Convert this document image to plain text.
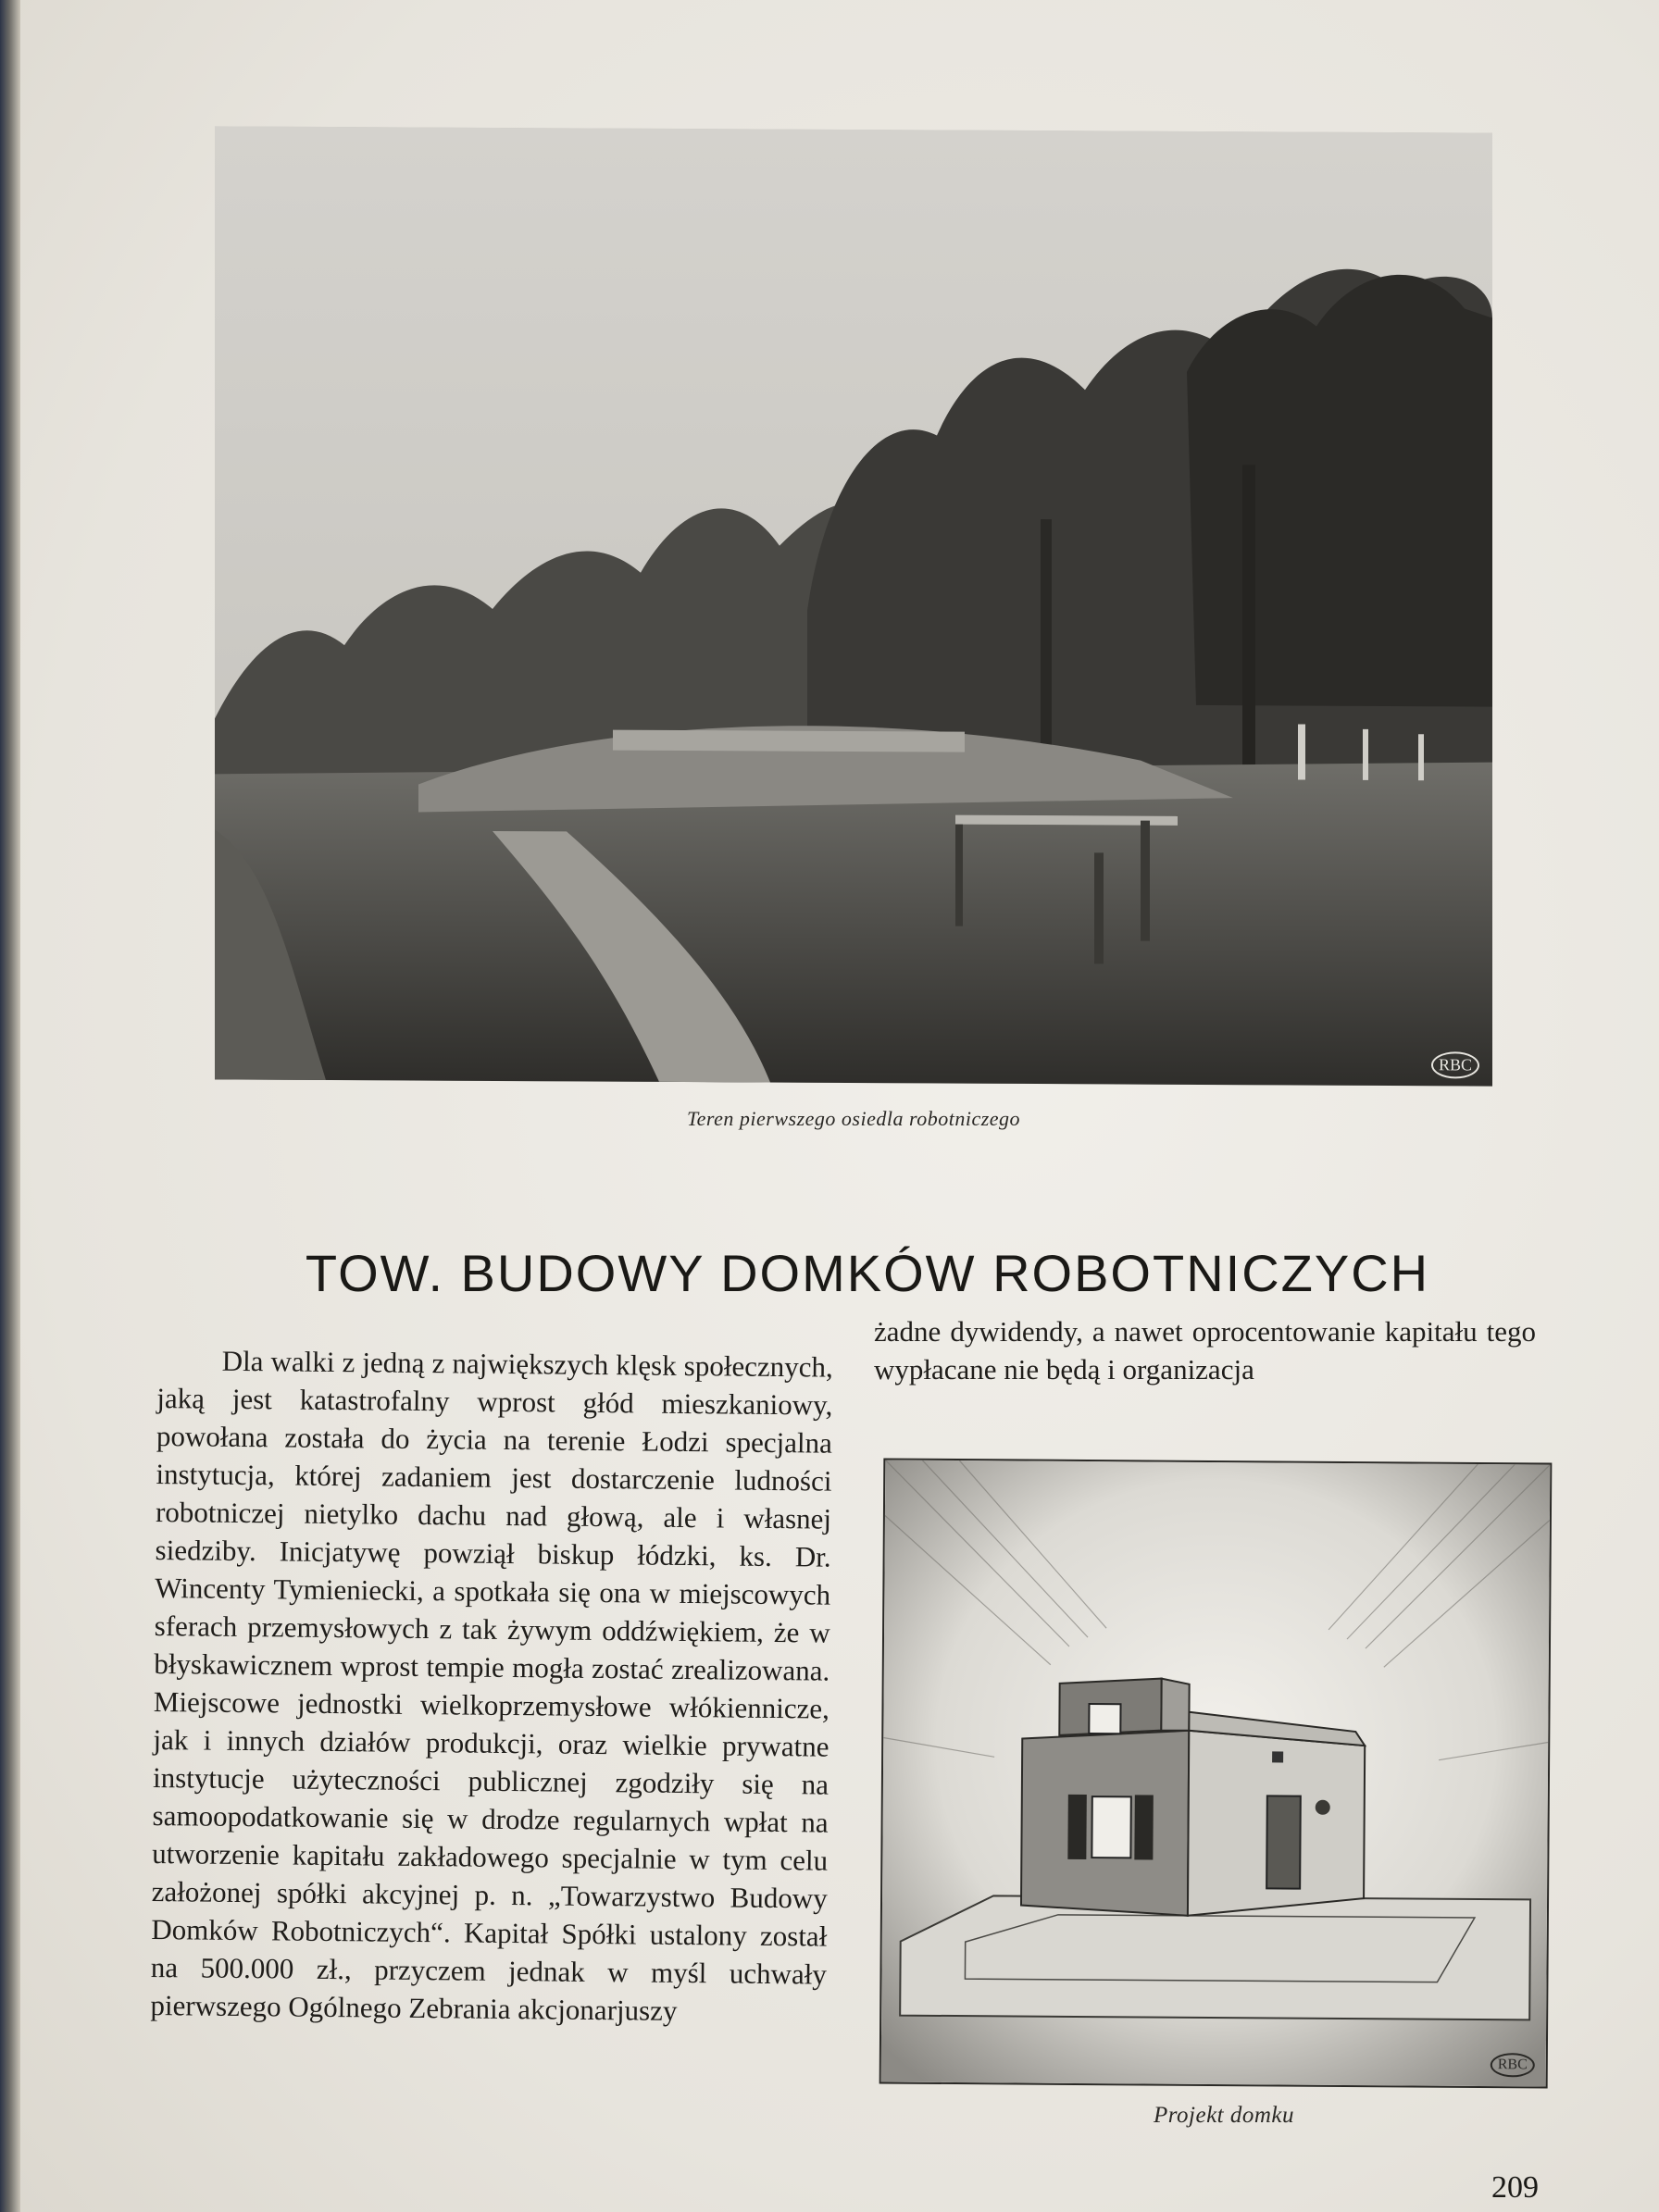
RBC
Teren pierwszego osiedla robotniczego
TOW. BUDOWY DOMKÓW ROBOTNICZYCH

Dla walki z jedną z największych klęsk społecznych, jaką jest katastrofalny wprost głód mieszkaniowy, powołana została do życia na terenie Łodzi specjalna instytucja, której zadaniem jest dostarczenie ludności robotniczej nietylko dachu nad głową, ale i własnej siedziby. Inicjatywę powziął biskup łódzki, ks. Dr. Wincenty Tymieniecki, a spotkała się ona w miejscowych sferach przemysłowych z tak żywym oddźwiękiem, że w błyskawicznem wprost tempie mogła zostać zrealizowana. Miejscowe jednostki wielkoprzemysłowe włókiennicze, jak i innych działów produkcji, oraz wielkie prywatne instytucje użyteczności publicznej zgodziły się na samoopodatkowanie się w drodze regularnych wpłat na utworzenie kapitału zakładowego specjalnie w tym celu założonej spółki akcyjnej p. n. „Towarzystwo Budowy Domków Robotniczych“. Kapitał Spółki ustalony został na 500.000 zł., przyczem jednak w myśl uchwały pierwszego Ogólnego Zebrania akcjonarjuszy

żadne dywidendy, a nawet oprocentowanie kapitału tego wypłacane nie będą i organizacja

RBC
Projekt domku
209
